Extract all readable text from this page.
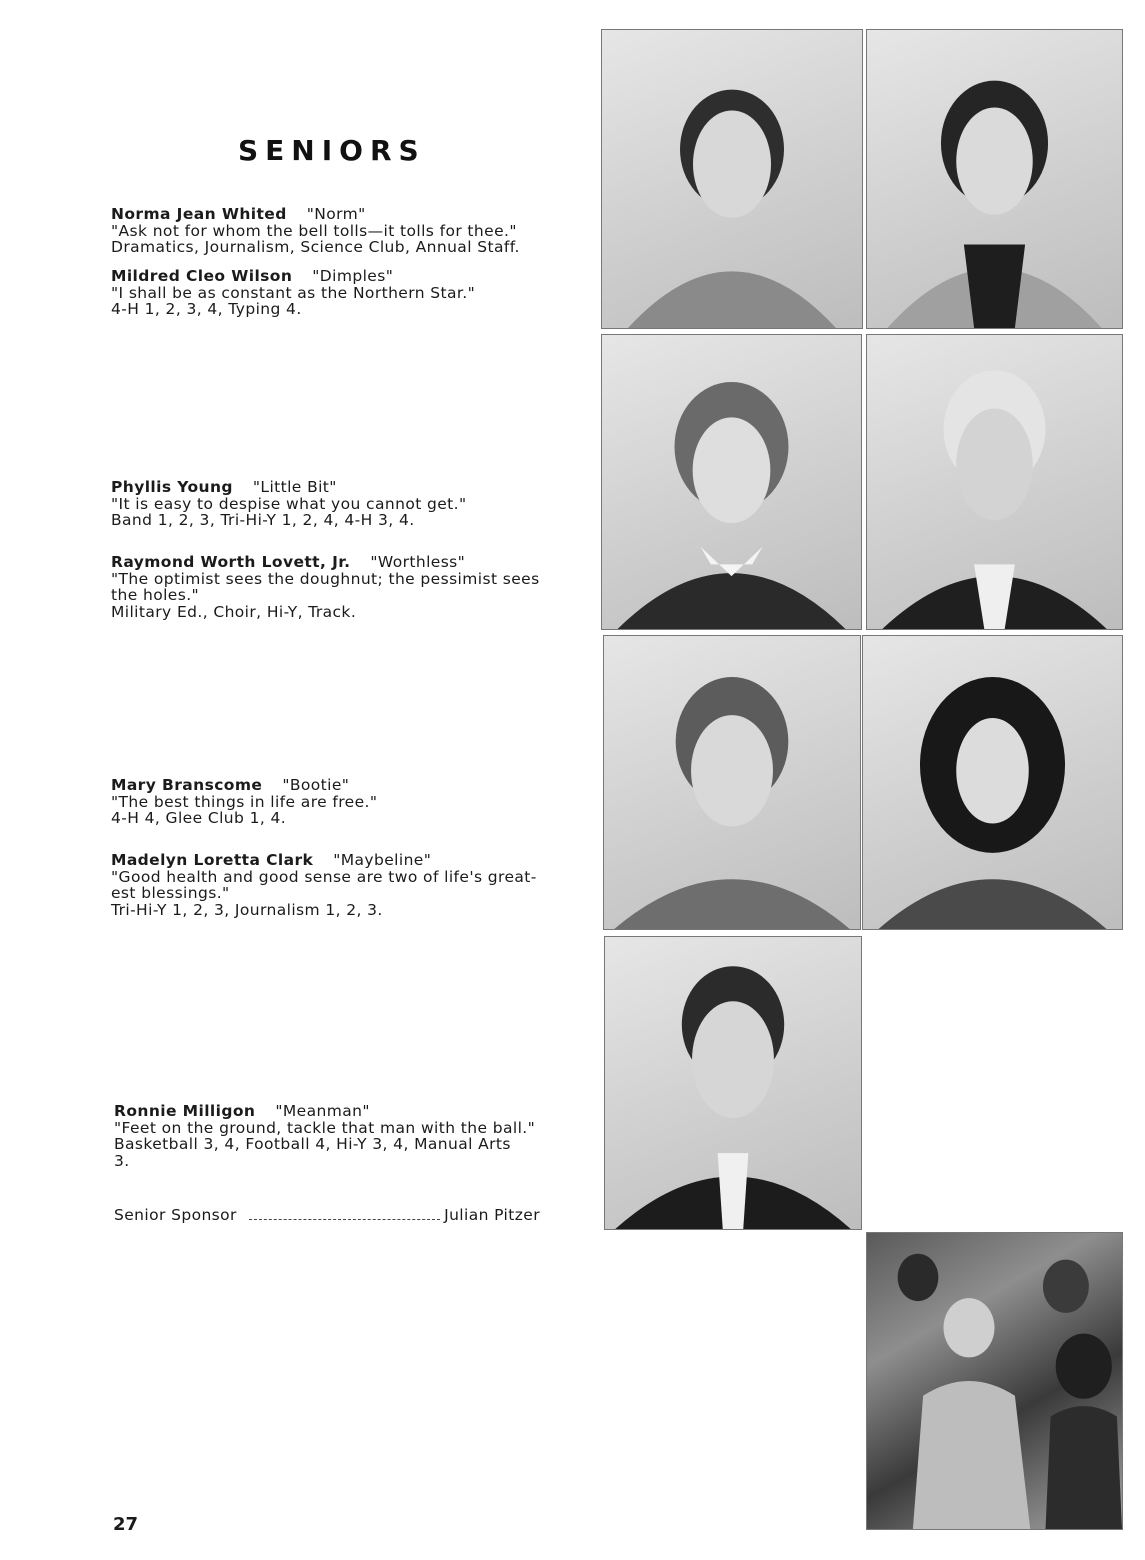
SENIORS
Norma Jean Whited "Norm"
"Ask not for whom the bell tolls—it tolls for thee."
Dramatics, Journalism, Science Club, Annual Staff.
Mildred Cleo Wilson "Dimples"
"I shall be as constant as the Northern Star."
4-H 1, 2, 3, 4, Typing 4.
Phyllis Young "Little Bit"
"It is easy to despise what you cannot get."
Band 1, 2, 3, Tri-Hi-Y 1, 2, 4, 4-H 3, 4.
Raymond Worth Lovett, Jr. "Worthless"
"The optimist sees the doughnut; the pessimist sees
the holes."
Military Ed., Choir, Hi-Y, Track.
Mary Branscome "Bootie"
"The best things in life are free."
4-H 4, Glee Club 1, 4.
Madelyn Loretta Clark "Maybeline"
"Good health and good sense are two of life's great-
est blessings."
Tri-Hi-Y 1, 2, 3, Journalism 1, 2, 3.
Ronnie Milligon "Meanman"
"Feet on the ground, tackle that man with the ball."
Basketball 3, 4, Football 4, Hi-Y 3, 4, Manual Arts
3.
Senior Sponsor	Julian Pitzer
27
